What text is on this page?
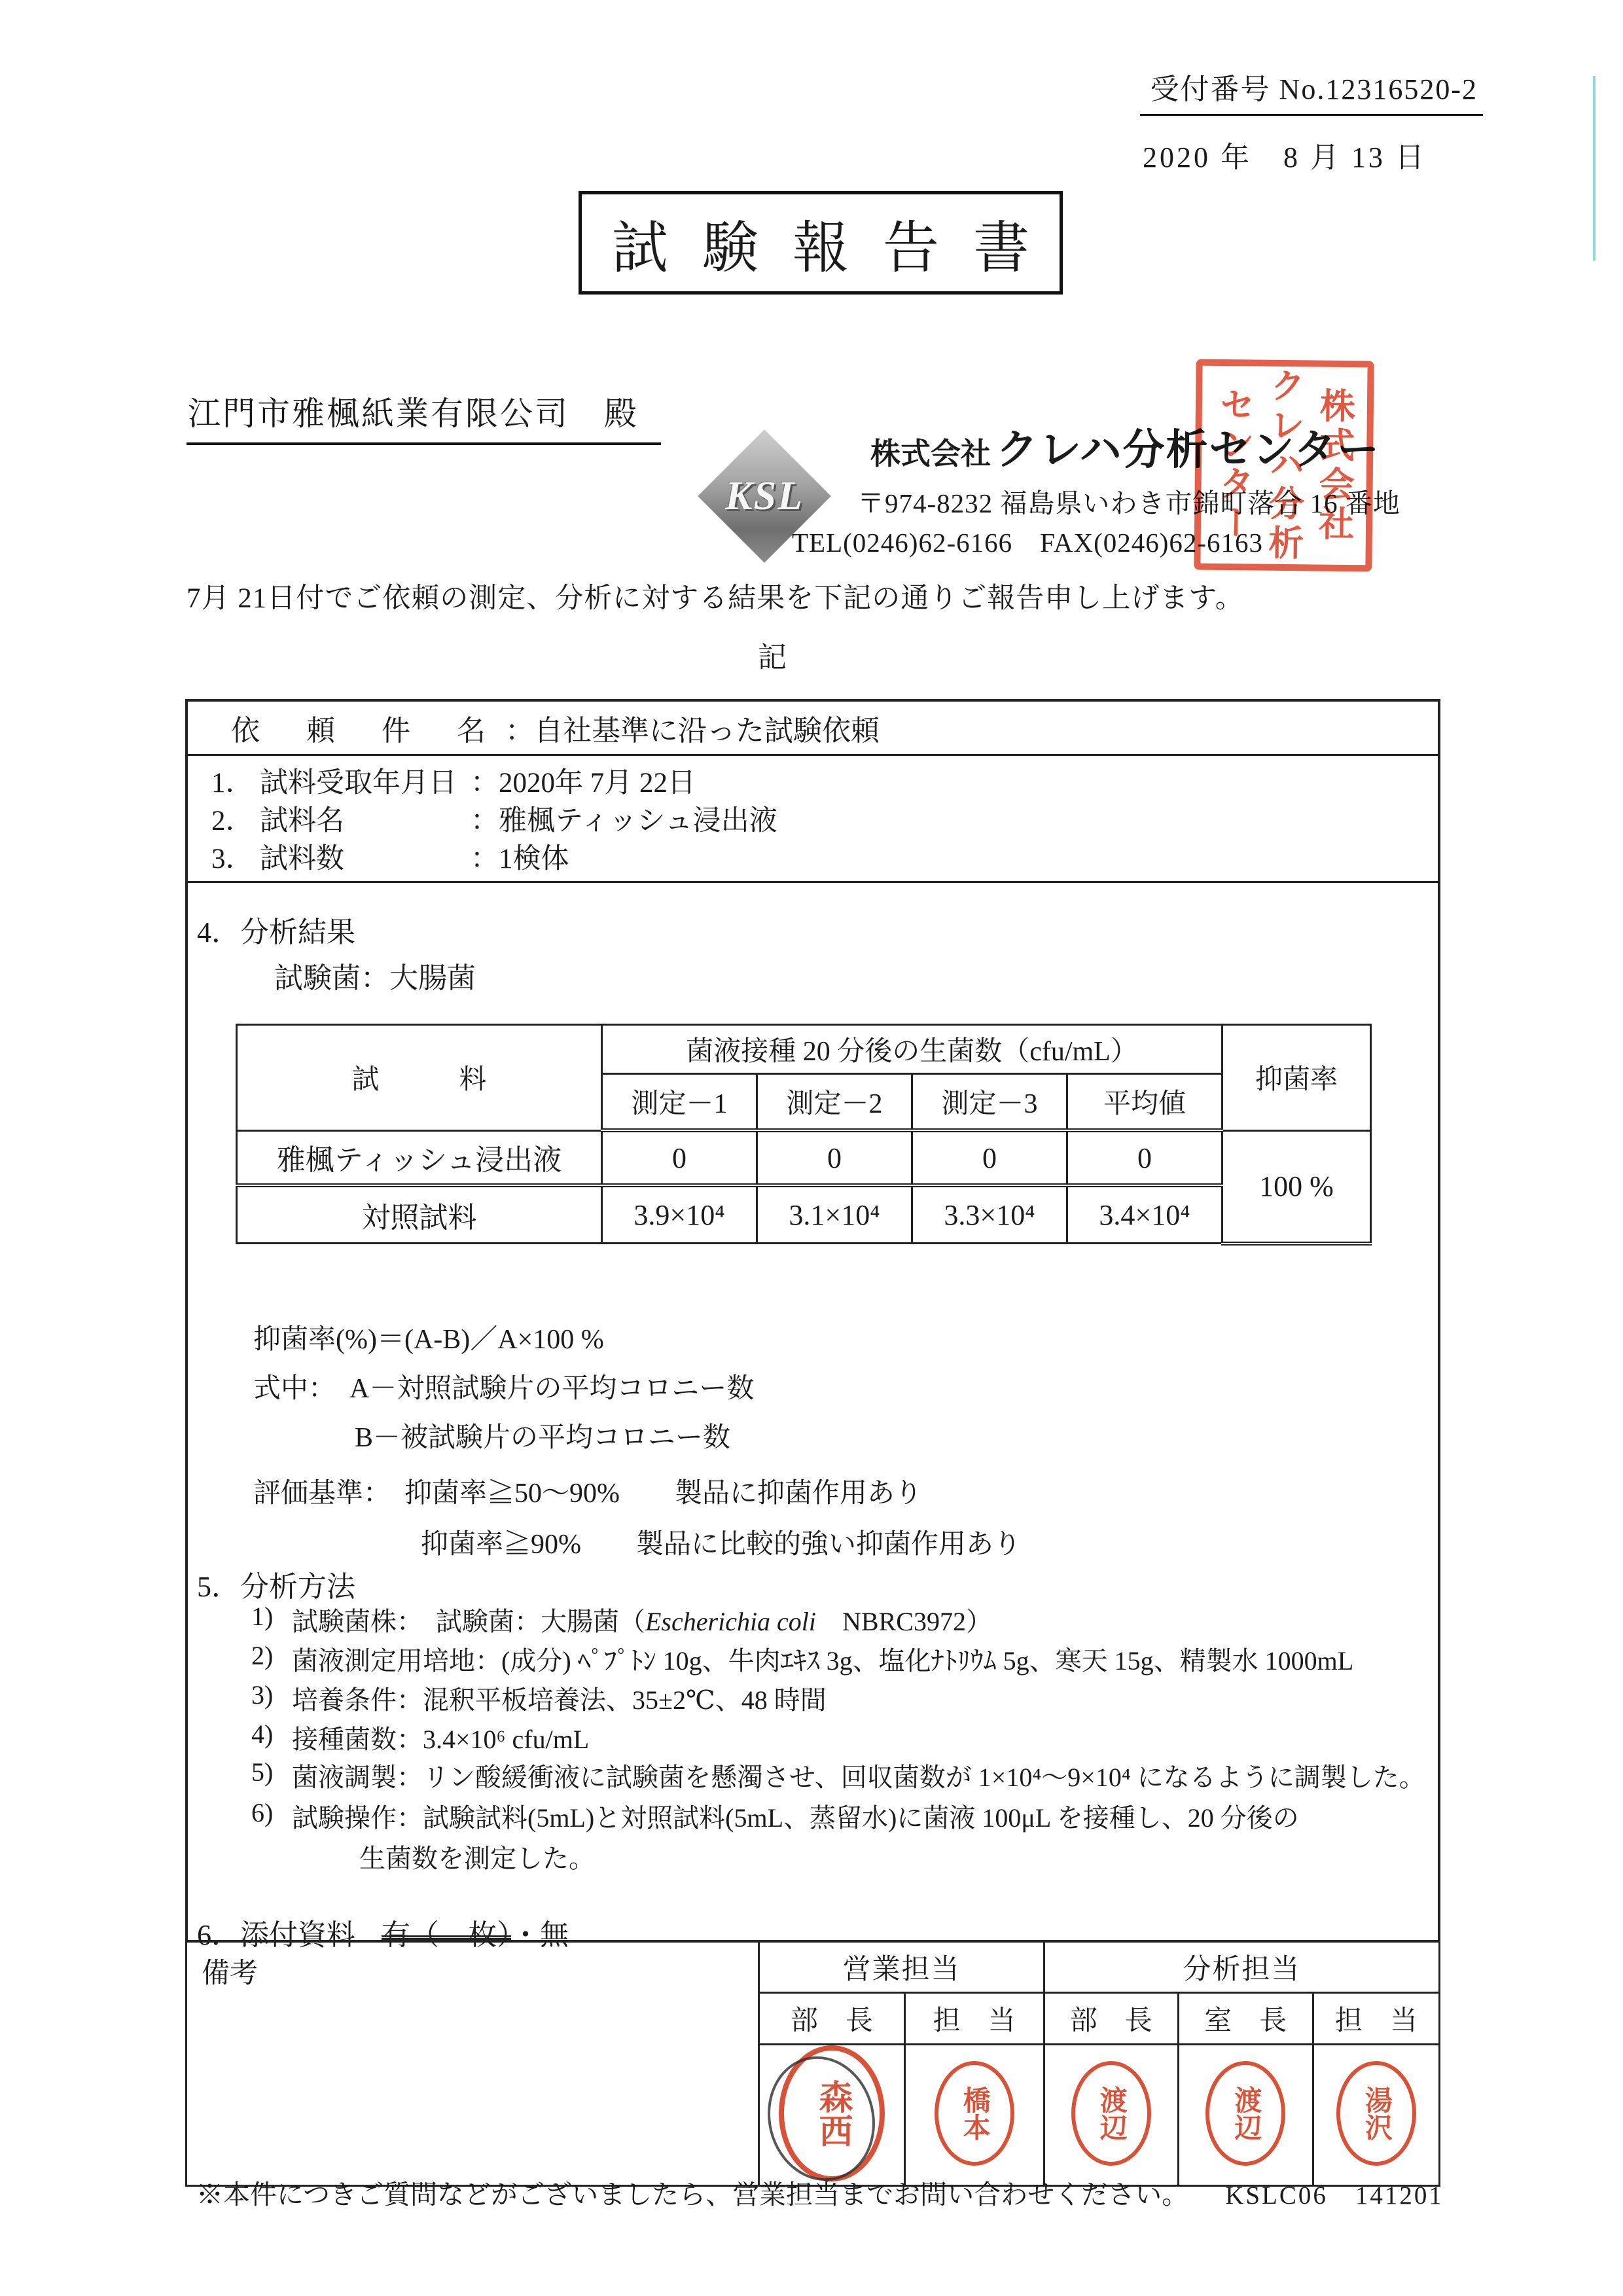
受付番号 No.12316520-2
2020 年　8 月 13 日
試験報告書
江門市雅楓紙業有限公司　殿
KSL
株式会社 クレハ分析センター
〒974-8232 福島県いわき市錦町落合 16 番地
TEL(0246)62-6166　FAX(0246)62-6163 株式会社
クレハ分析
センター
7月 21日付でご依頼の測定、分析に対する結果を下記の通りご報告申し上げます。
記
依 頼 件 名 ： 自社基準に沿った試験依頼
1． 試料受取年月日 ： 2020年 7月 22日
2． 試料名	： 雅楓ティッシュ浸出液
3． 試料数	： 1検体
4．分析結果
試験菌：大腸菌
試　料	菌液接種 20 分後の生菌数（cfu/mL）				抑菌率
	測定－1	測定－2	測定－3	平均値	
雅楓ティッシュ浸出液	0	0	0	0	100 %
対照試料	3.9×10⁴	3.1×10⁴	3.3×10⁴	3.4×10⁴	
抑菌率(%)＝(A‐B)／A×100 %
式中：　A－対照試験片の平均コロニー数
B－被試験片の平均コロニー数
評価基準：　抑菌率≧50～90%　　製品に抑菌作用あり
抑菌率≧90%　　製品に比較的強い抑菌作用あり
5．分析方法
1) 試験菌株：　試験菌：大腸菌（Escherichia coli　NBRC3972）
2) 菌液測定用培地：(成分) ﾍﾟﾌﾟﾄﾝ 10g、牛肉ｴｷｽ 3g、塩化ﾅﾄﾘｳﾑ 5g、寒天 15g、精製水 1000mL
3) 培養条件：混釈平板培養法、35±2℃、48 時間
4) 接種菌数：3.4×10⁶ cfu/mL
5) 菌液調製：リン酸緩衝液に試験菌を懸濁させ、回収菌数が 1×10⁴～9×10⁴ になるように調製した。
6) 試験操作：試験試料(5mL)と対照試料(5mL、蒸留水)に菌液 100μL を接種し、20 分後の
生菌数を測定した。
6．添付資料 有（　枚）・無
備考	営業担当		分析担当		
	部　長	担　当	部　長	室　長	担　当
	森西	橋本	渡辺	渡辺	湯沢
※本件につきご質問などがございましたら、営業担当までお問い合わせください。 KSLC06　141201
